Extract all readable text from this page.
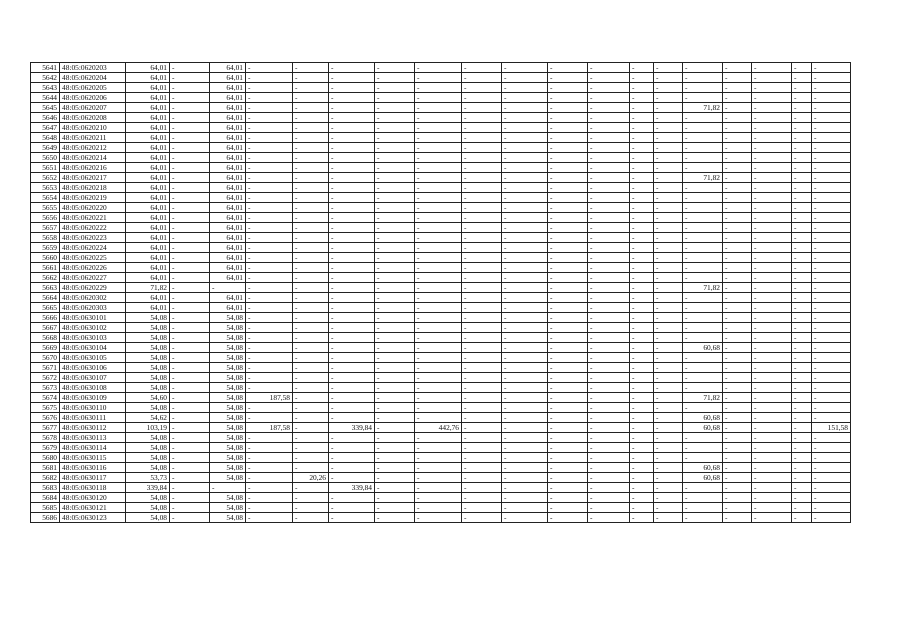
5641	48:05:0620203	64,01	-	64,01	-	-	-	-	-	-	-	-	-	-	-	-	-	-	-	-
5642	48:05:0620204	64,01	-	64,01	-	-	-	-	-	-	-	-	-	-	-	-	-	-	-	-
5643	48:05:0620205	64,01	-	64,01	-	-	-	-	-	-	-	-	-	-	-	-	-	-	-	-
5644	48:05:0620206	64,01	-	64,01	-	-	-	-	-	-	-	-	-	-	-	-	-	-	-	-
5645	48:05:0620207	64,01	-	64,01	-	-	-	-	-	-	-	-	-	-	-	71,82	-	-	-	-
5646	48:05:0620208	64,01	-	64,01	-	-	-	-	-	-	-	-	-	-	-	-	-	-	-	-
5647	48:05:0620210	64,01	-	64,01	-	-	-	-	-	-	-	-	-	-	-	-	-	-	-	-
5648	48:05:0620211	64,01	-	64,01	-	-	-	-	-	-	-	-	-	-	-	-	-	-	-	-
5649	48:05:0620212	64,01	-	64,01	-	-	-	-	-	-	-	-	-	-	-	-	-	-	-	-
5650	48:05:0620214	64,01	-	64,01	-	-	-	-	-	-	-	-	-	-	-	-	-	-	-	-
5651	48:05:0620216	64,01	-	64,01	-	-	-	-	-	-	-	-	-	-	-	-	-	-	-	-
5652	48:05:0620217	64,01	-	64,01	-	-	-	-	-	-	-	-	-	-	-	71,82	-	-	-	-
5653	48:05:0620218	64,01	-	64,01	-	-	-	-	-	-	-	-	-	-	-	-	-	-	-	-
5654	48:05:0620219	64,01	-	64,01	-	-	-	-	-	-	-	-	-	-	-	-	-	-	-	-
5655	48:05:0620220	64,01	-	64,01	-	-	-	-	-	-	-	-	-	-	-	-	-	-	-	-
5656	48:05:0620221	64,01	-	64,01	-	-	-	-	-	-	-	-	-	-	-	-	-	-	-	-
5657	48:05:0620222	64,01	-	64,01	-	-	-	-	-	-	-	-	-	-	-	-	-	-	-	-
5658	48:05:0620223	64,01	-	64,01	-	-	-	-	-	-	-	-	-	-	-	-	-	-	-	-
5659	48:05:0620224	64,01	-	64,01	-	-	-	-	-	-	-	-	-	-	-	-	-	-	-	-
5660	48:05:0620225	64,01	-	64,01	-	-	-	-	-	-	-	-	-	-	-	-	-	-	-	-
5661	48:05:0620226	64,01	-	64,01	-	-	-	-	-	-	-	-	-	-	-	-	-	-	-	-
5662	48:05:0620227	64,01	-	64,01	-	-	-	-	-	-	-	-	-	-	-	-	-	-	-	-
5663	48:05:0620229	71,82	-	-	-	-	-	-	-	-	-	-	-	-	-	71,82	-	-	-	-
5664	48:05:0620302	64,01	-	64,01	-	-	-	-	-	-	-	-	-	-	-	-	-	-	-	-
5665	48:05:0620303	64,01	-	64,01	-	-	-	-	-	-	-	-	-	-	-	-	-	-	-	-
5666	48:05:0630101	54,08	-	54,08	-	-	-	-	-	-	-	-	-	-	-	-	-	-	-	-
5667	48:05:0630102	54,08	-	54,08	-	-	-	-	-	-	-	-	-	-	-	-	-	-	-	-
5668	48:05:0630103	54,08	-	54,08	-	-	-	-	-	-	-	-	-	-	-	-	-	-	-	-
5669	48:05:0630104	54,08	-	54,08	-	-	-	-	-	-	-	-	-	-	-	60,68	-	-	-	-
5670	48:05:0630105	54,08	-	54,08	-	-	-	-	-	-	-	-	-	-	-	-	-	-	-	-
5671	48:05:0630106	54,08	-	54,08	-	-	-	-	-	-	-	-	-	-	-	-	-	-	-	-
5672	48:05:0630107	54,08	-	54,08	-	-	-	-	-	-	-	-	-	-	-	-	-	-	-	-
5673	48:05:0630108	54,08	-	54,08	-	-	-	-	-	-	-	-	-	-	-	-	-	-	-	-
5674	48:05:0630109	54,60	-	54,08	187,58	-	-	-	-	-	-	-	-	-	-	71,82	-	-	-	-
5675	48:05:0630110	54,08	-	54,08	-	-	-	-	-	-	-	-	-	-	-	-	-	-	-	-
5676	48:05:0630111	54,62	-	54,08	-	-	-	-	-	-	-	-	-	-	-	60,68	-	-	-	-
5677	48:05:0630112	103,19	-	54,08	187,58	-	339,84	-	442,76	-	-	-	-	-	-	60,68	-	-	-	151,58
5678	48:05:0630113	54,08	-	54,08	-	-	-	-	-	-	-	-	-	-	-	-	-	-	-	-
5679	48:05:0630114	54,08	-	54,08	-	-	-	-	-	-	-	-	-	-	-	-	-	-	-	-
5680	48:05:0630115	54,08	-	54,08	-	-	-	-	-	-	-	-	-	-	-	-	-	-	-	-
5681	48:05:0630116	54,08	-	54,08	-	-	-	-	-	-	-	-	-	-	-	60,68	-	-	-	-
5682	48:05:0630117	53,73	-	54,08	-	20,26	-	-	-	-	-	-	-	-	-	60,68	-	-	-	-
5683	48:05:0630118	339,84	-	-	-	-	339,84	-	-	-	-	-	-	-	-	-	-	-	-	-
5684	48:05:0630120	54,08	-	54,08	-	-	-	-	-	-	-	-	-	-	-	-	-	-	-	-
5685	48:05:0630121	54,08	-	54,08	-	-	-	-	-	-	-	-	-	-	-	-	-	-	-	-
5686	48:05:0630123	54,08	-	54,08	-	-	-	-	-	-	-	-	-	-	-	-	-	-	-	-
